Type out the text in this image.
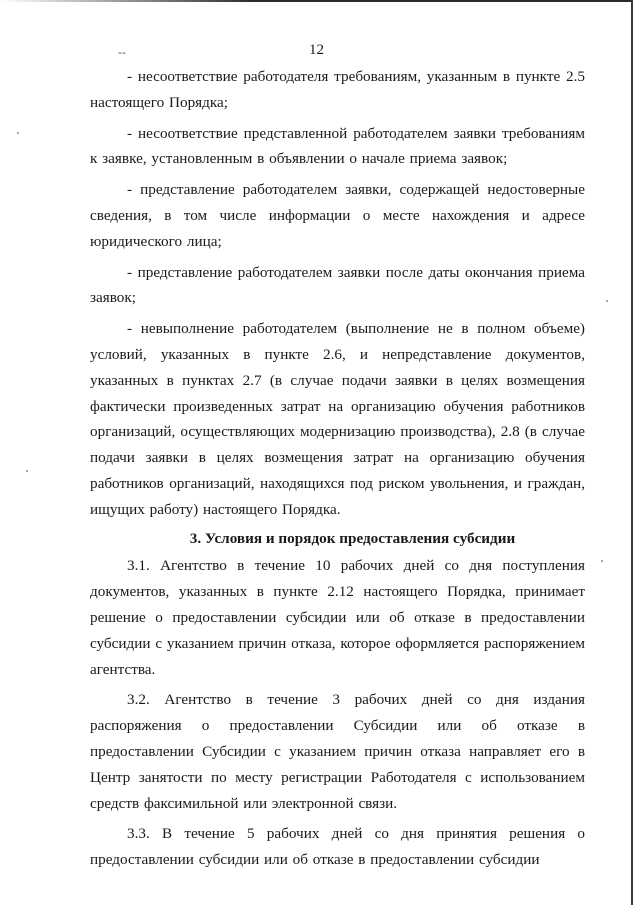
--	12

- несоответствие работодателя требованиям, указанным в пункте 2.5 настоящего Порядка;

- несоответствие представленной работодателем заявки требованиям к заявке, установленным в объявлении о начале приема заявок;

- представление работодателем заявки, содержащей недостоверные сведения, в том числе информации о месте нахождения и адресе юридического лица;

- представление работодателем заявки после даты окончания приема заявок;

- невыполнение работодателем (выполнение не в полном объеме) условий, указанных в пункте 2.6, и непредставление документов, указанных в пунктах 2.7 (в случае подачи заявки в целях возмещения фактически произведенных затрат на организацию обучения работников организаций, осуществляющих модернизацию производства), 2.8 (в случае подачи заявки в целях возмещения затрат на организацию обучения работников организаций, находящихся под риском увольнения, и граждан, ищущих работу) настоящего Порядка.

3. Условия и порядок предоставления субсидии

3.1. Агентство в течение 10 рабочих дней со дня поступления документов, указанных в пункте 2.12 настоящего Порядка, принимает решение о предоставлении субсидии или об отказе в предоставлении субсидии с указанием причин отказа, которое оформляется распоряжением агентства.

3.2. Агентство в течение 3 рабочих дней со дня издания распоряжения о предоставлении Субсидии или об отказе в предоставлении Субсидии с указанием причин отказа направляет его в Центр занятости по месту регистрации Работодателя с использованием средств факсимильной или электронной связи.

3.3. В течение 5 рабочих дней со дня принятия решения о предоставлении субсидии или об отказе в предоставлении субсидии
